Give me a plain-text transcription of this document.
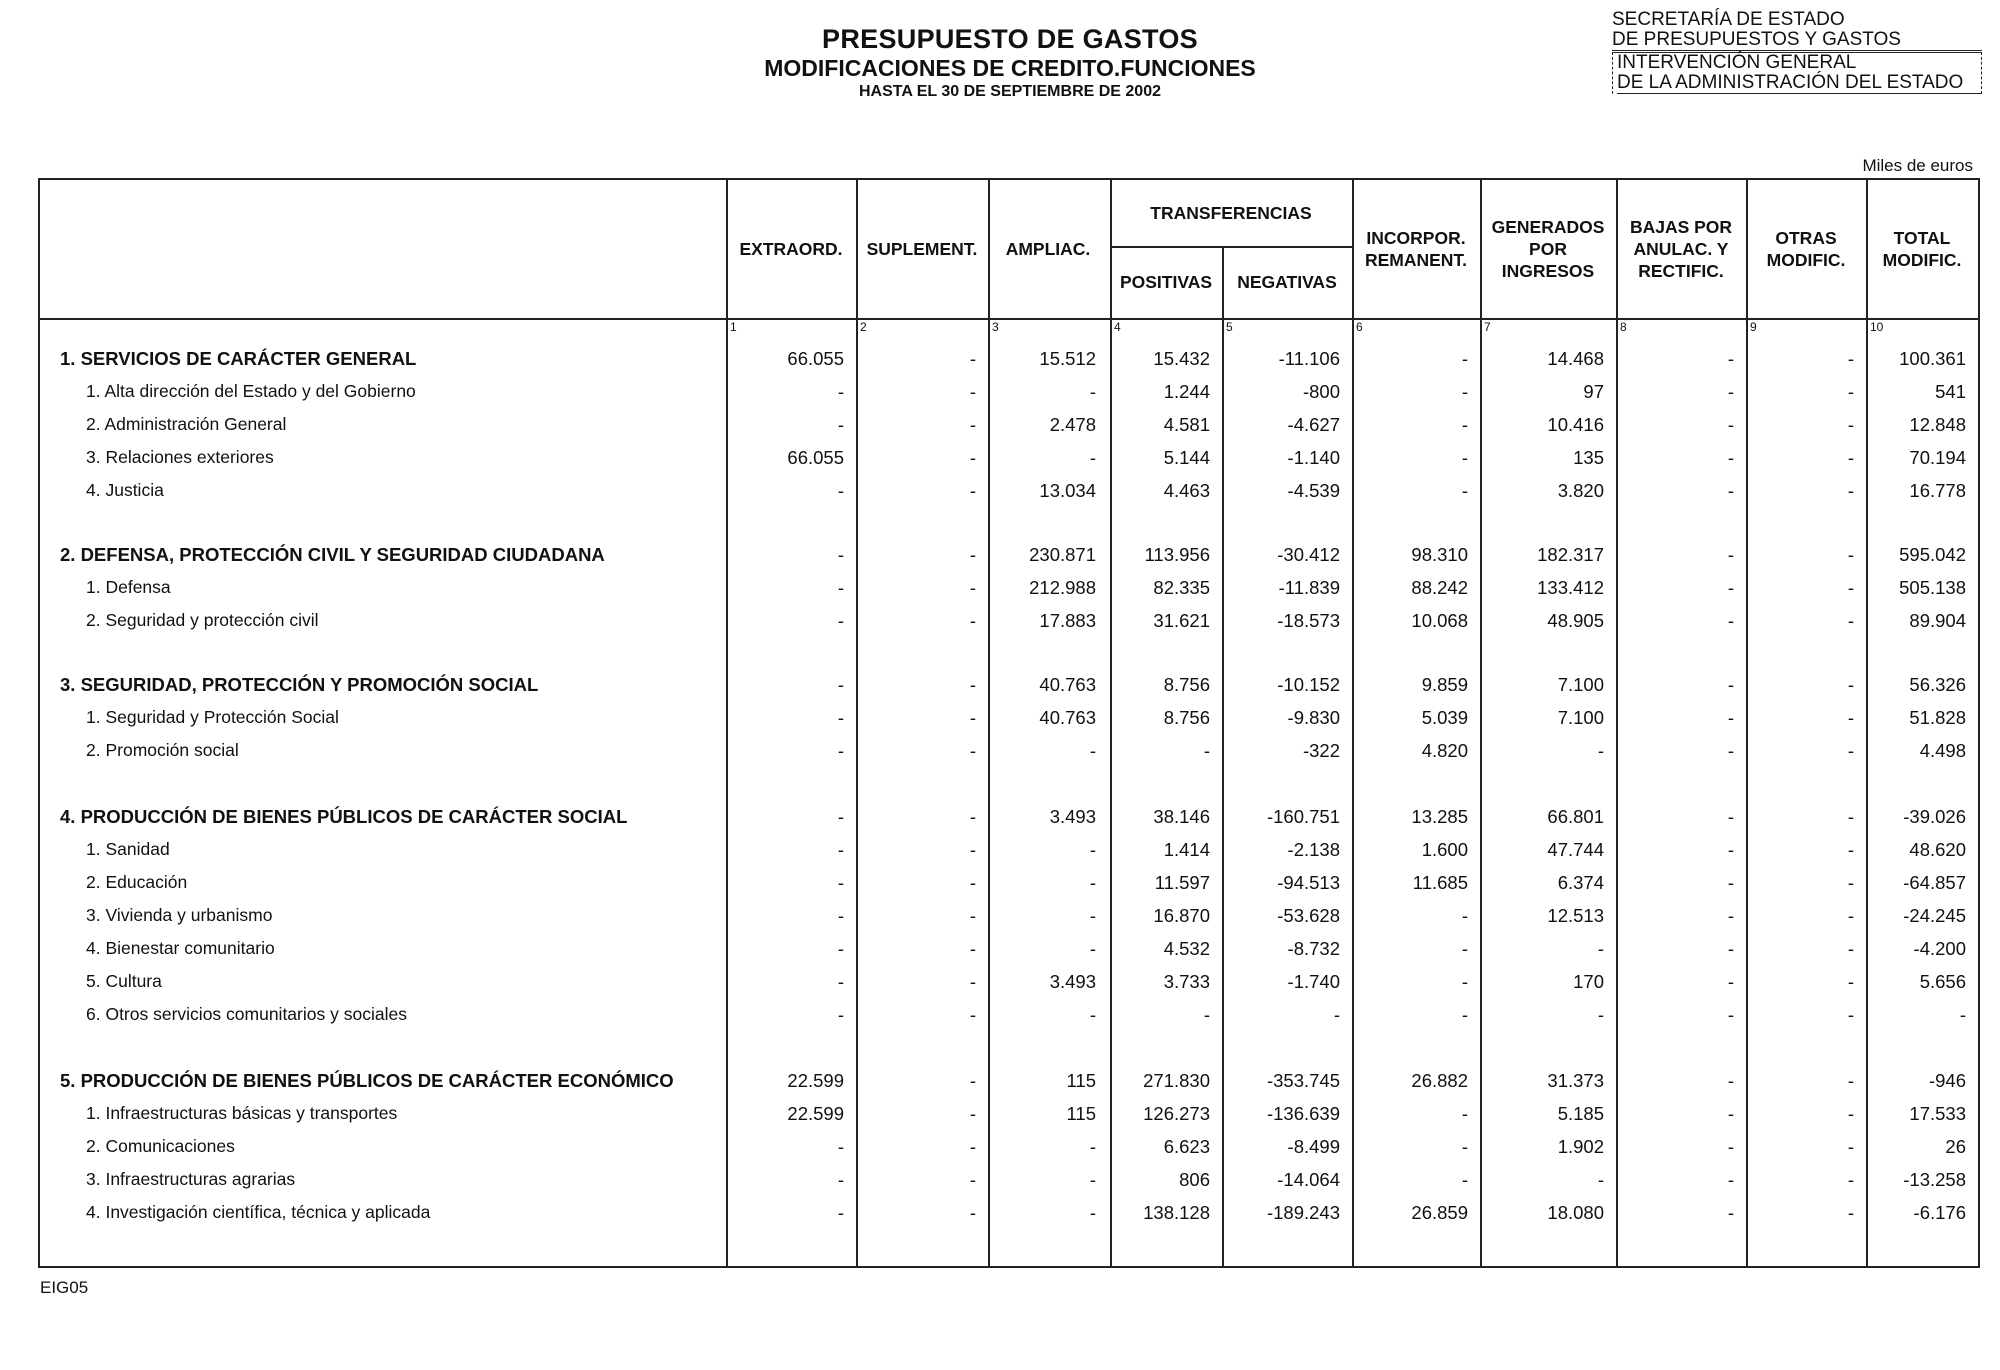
PRESUPUESTO DE GASTOS
MODIFICACIONES DE CREDITO.FUNCIONES
HASTA EL 30 DE SEPTIEMBRE DE 2002
SECRETARÍA DE ESTADO
DE PRESUPUESTOS Y GASTOS
INTERVENCIÓN GENERAL
DE LA ADMINISTRACIÓN DEL ESTADO
Miles de euros
EXTRAORD.	SUPLEMENT.	AMPLIAC.
TRANSFERENCIAS
POSITIVAS	NEGATIVAS
INCORPOR.
REMANENT.
GENERADOS
POR
INGRESOS
BAJAS POR
ANULAC. Y
RECTIFIC.
OTRAS
MODIFIC.
TOTAL
MODIFIC.
1	2	3	4	5	6	7	8	9	10
1. SERVICIOS DE CARÁCTER GENERAL	66.055	-	15.512	15.432	-11.106	-	14.468	-	- 100.361
1. Alta dirección del Estado y del Gobierno	-	-	-	1.244	-800	-	97	-	-	541
2. Administración General	-	-	2.478	4.581	-4.627	-	10.416	-	-	12.848
3. Relaciones exteriores	66.055	-	-	5.144	-1.140	-	135	-	-	70.194
4. Justicia	-	-	13.034	4.463	-4.539	-	3.820	-	-	16.778
2. DEFENSA, PROTECCIÓN CIVIL Y SEGURIDAD CIUDADANA	-	-	230.871	113.956	-30.412	98.310	182.317	-	- 595.042
1. Defensa	-	-	212.988	82.335	-11.839	88.242	133.412	-	- 505.138
2. Seguridad y protección civil	-	-	17.883	31.621	-18.573	10.068	48.905	-	-	89.904
3. SEGURIDAD, PROTECCIÓN Y PROMOCIÓN SOCIAL	-	-	40.763	8.756	-10.152	9.859	7.100	-	-	56.326
1. Seguridad y Protección Social	-	-	40.763	8.756	-9.830	5.039	7.100	-	-	51.828
2. Promoción social	-	-	-	-	-322	4.820	-	-	-	4.498
4. PRODUCCIÓN DE BIENES PÚBLICOS DE CARÁCTER SOCIAL	-	-	3.493	38.146	-160.751	13.285	66.801	-	-	-39.026
1. Sanidad	-	-	-	1.414	-2.138	1.600	47.744	-	-	48.620
2. Educación	-	-	-	11.597	-94.513	11.685	6.374	-	-	-64.857
3. Vivienda y urbanismo	-	-	-	16.870	-53.628	-	12.513	-	-	-24.245
4. Bienestar comunitario	-	-	-	4.532	-8.732	-	-	-	-	-4.200
5. Cultura	-	-	3.493	3.733	-1.740	-	170	-	-	5.656
6. Otros servicios comunitarios y sociales	-	-	-	-	-	-	-	-	-	-
5. PRODUCCIÓN DE BIENES PÚBLICOS DE CARÁCTER ECONÓMICO	22.599	-	115	271.830	-353.745	26.882	31.373	-	-	-946
1. Infraestructuras básicas y transportes	22.599	-	115	126.273	-136.639	-	5.185	-	-	17.533
2. Comunicaciones	-	-	-	6.623	-8.499	-	1.902	-	-	26
3. Infraestructuras agrarias	-	-	-	806	-14.064	-	-	-	-	-13.258
4. Investigación científica, técnica y aplicada	-	-	-	138.128	-189.243	26.859	18.080	-	-	-6.176
EIG05
